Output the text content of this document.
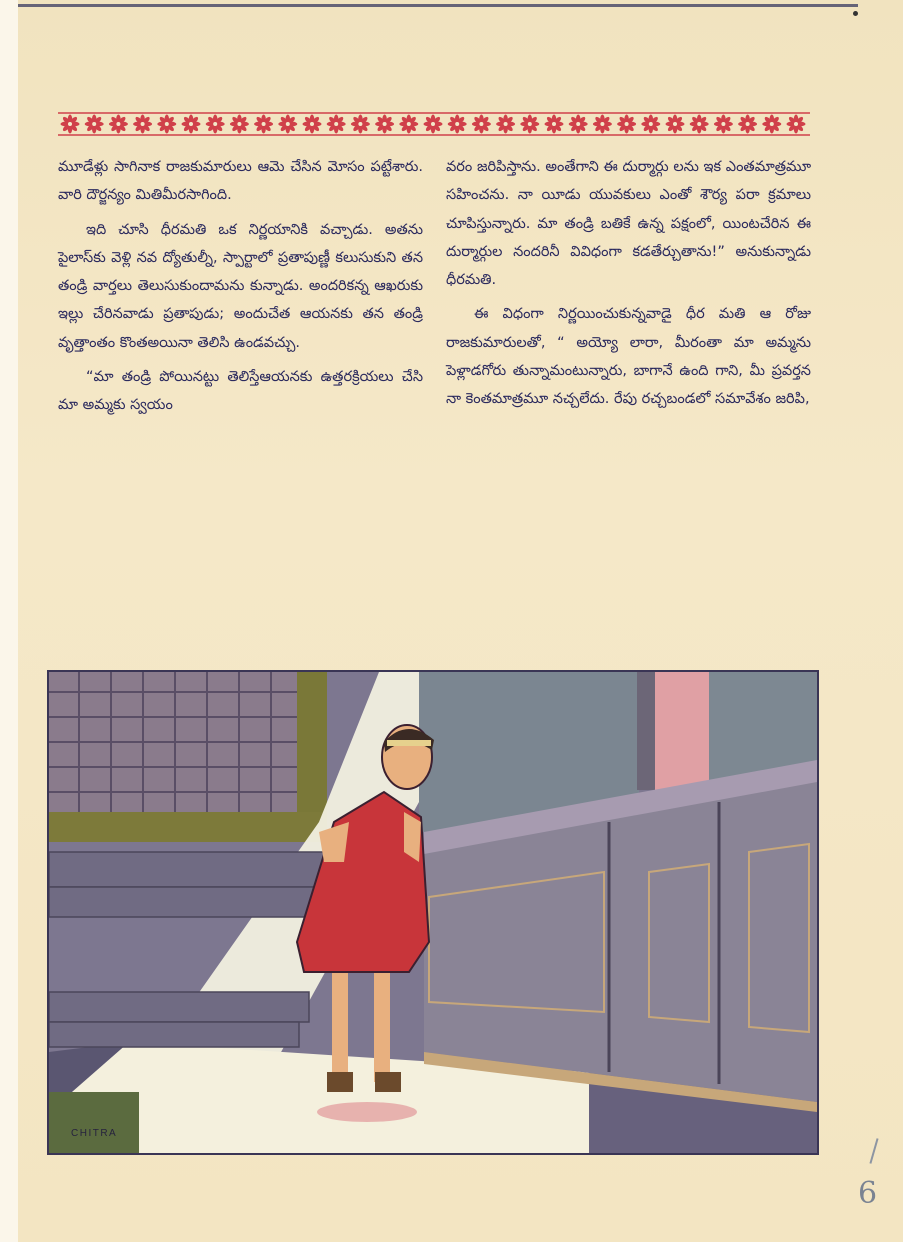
మూడేళ్లు సాగినాక రాజకుమారులు ఆమె చేసిన మోసం పట్టేశారు. వారి దౌర్జన్యం మితిమీరసాగింది.

ఇది చూసి ధీరమతి ఒక నిర్ణయానికి వచ్చాడు. అతను పైలాస్‌కు వెళ్లి నవ ద్యోతుల్నీ, స్పార్టాలో ప్రతాపుణ్ణీ కలుసుకుని తన తండ్రి వార్తలు తెలుసుకుందామను కున్నాడు. అందరికన్న ఆఖరుకు ఇల్లు చేరినవాడు ప్రతాపుడు; అందుచేత ఆయనకు తన తండ్రి వృత్తాంతం కొంతఅయినా తెలిసి ఉండవచ్చు.

“మా తండ్రి పోయినట్టు తెలిస్తేఆయనకు ఉత్తరక్రియలు చేసి మా అమ్మకు స్వయం

వరం జరిపిస్తాను. అంతేగాని ఈ దుర్మార్గు లను ఇక ఎంతమాత్రమూ సహించను. నా యీడు యువకులు ఎంతో శౌర్య పరా క్రమాలు చూపిస్తున్నారు. మా తండ్రి బతికే ఉన్న పక్షంలో, యింటచేరిన ఈ దుర్మార్గుల నందరినీ వివిధంగా కడతేర్చుతాను!” అనుకున్నాడు ధీరమతి.

ఈ విధంగా నిర్ణయించుకున్నవాడై ధీర మతి ఆ రోజు రాజకుమారులతో, “ అయ్యో లారా, మీరంతా మా అమ్మను పెళ్లాడగోరు తున్నామంటున్నారు, బాగానే ఉంది గాని, మీ ప్రవర్తన నా కెంతమాత్రమూ నచ్చలేదు. రేపు రచ్చబండలో సమావేశం జరిపి,

CHITRA
6
